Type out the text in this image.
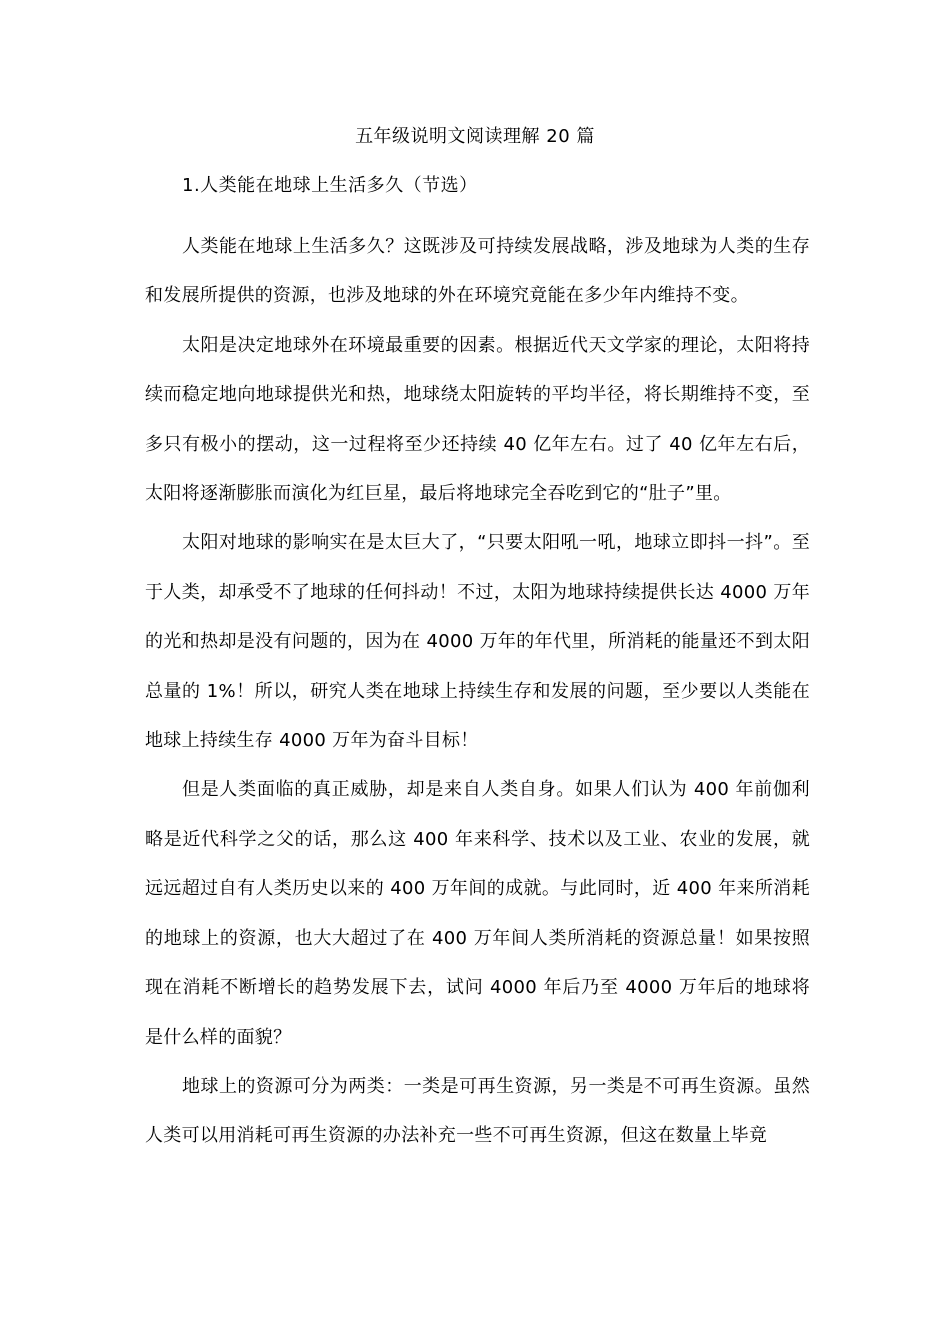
五年级说明文阅读理解 20 篇
1.人类能在地球上生活多久（节选）

人类能在地球上生活多久？这既涉及可持续发展战略，涉及地球为人类的生存和发展所提供的资源，也涉及地球的外在环境究竟能在多少年内维持不变。

太阳是决定地球外在环境最重要的因素。根据近代天文学家的理论，太阳将持续而稳定地向地球提供光和热，地球绕太阳旋转的平均半径，将长期维持不变，至多只有极小的摆动，这一过程将至少还持续 40 亿年左右。过了 40 亿年左右后，太阳将逐渐膨胀而演化为红巨星，最后将地球完全吞吃到它的“肚子”里。

太阳对地球的影响实在是太巨大了，“只要太阳吼一吼，地球立即抖一抖”。至于人类，却承受不了地球的任何抖动！不过，太阳为地球持续提供长达 4000 万年的光和热却是没有问题的，因为在 4000 万年的年代里，所消耗的能量还不到太阳总量的 1%！所以，研究人类在地球上持续生存和发展的问题，至少要以人类能在地球上持续生存 4000 万年为奋斗目标！

但是人类面临的真正威胁，却是来自人类自身。如果人们认为 400 年前伽利略是近代科学之父的话，那么这 400 年来科学、技术以及工业、农业的发展，就远远超过自有人类历史以来的 400 万年间的成就。与此同时，近 400 年来所消耗的地球上的资源，也大大超过了在 400 万年间人类所消耗的资源总量！如果按照现在消耗不断增长的趋势发展下去，试问 4000 年后乃至 4000 万年后的地球将是什么样的面貌？

地球上的资源可分为两类：一类是可再生资源，另一类是不可再生资源。虽然人类可以用消耗可再生资源的办法补充一些不可再生资源，但这在数量上毕竟
